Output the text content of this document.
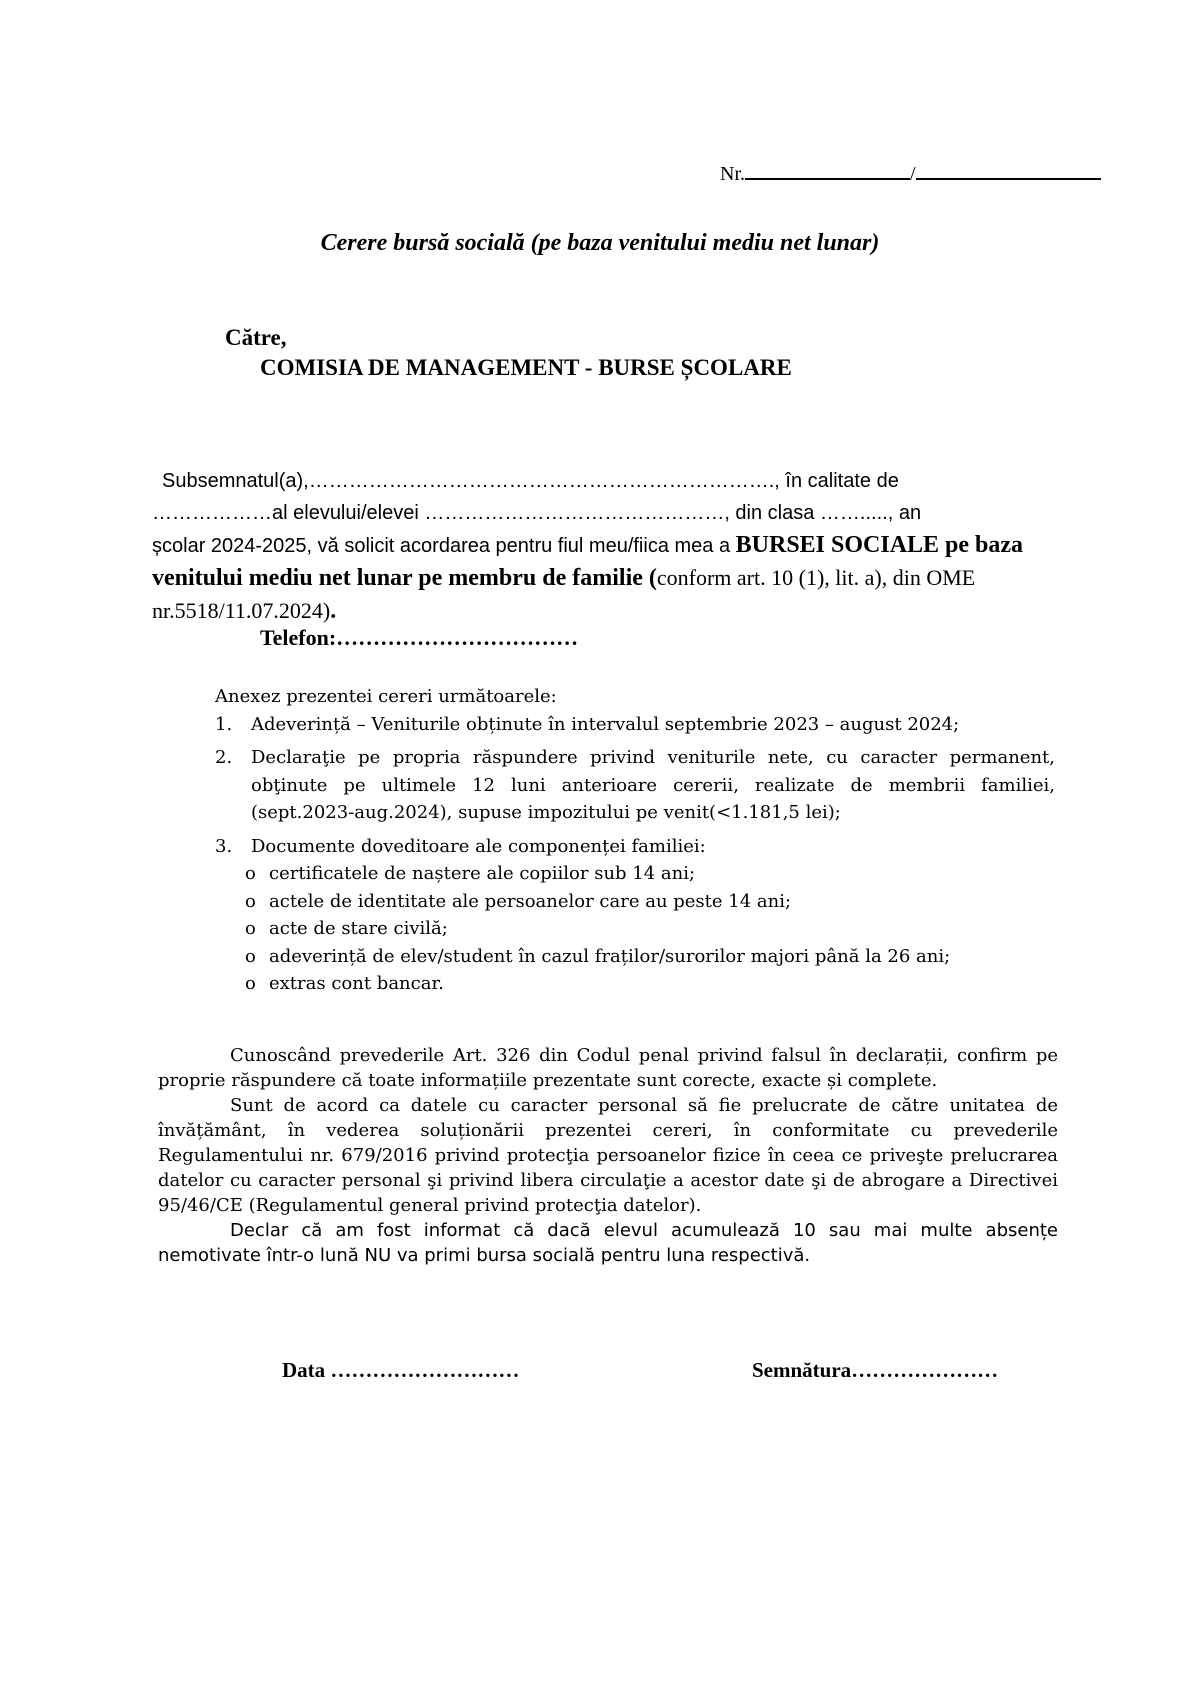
Nr.	/
Cerere bursă socială (pe baza venitului mediu net lunar)
Către,
COMISIA DE MANAGEMENT - BURSE ȘCOLARE
Subsemnatul(a),……………………………………………………………., în calitate de
………………al elevului/elevei ………………………………………, din clasa ……....., an
școlar 2024-2025, vă solicit acordarea pentru fiul meu/fiica mea a BURSEI SOCIALE pe baza venitului mediu net lunar pe membru de familie (conform art. 10 (1), lit. a), din OME nr.5518/11.07.2024).
Telefon:……………………………
Anexez prezentei cereri următoarele:
1. Adeverință – Veniturile obținute în intervalul septembrie 2023 – august 2024;
2. Declaraţie pe propria răspundere privind veniturile nete, cu caracter permanent, obţinute pe ultimele 12 luni anterioare cererii, realizate de membrii familiei, (sept.2023-aug.2024), supuse impozitului pe venit(<1.181,5 lei);
3. Documente doveditoare ale componenței familiei:
o certificatele de naștere ale copiilor sub 14 ani;
o actele de identitate ale persoanelor care au peste 14 ani;
o acte de stare civilă;
o adeverință de elev/student în cazul fraților/surorilor majori până la 26 ani;
o extras cont bancar.

Cunoscând prevederile Art. 326 din Codul penal privind falsul în declarații, confirm pe proprie răspundere că toate informațiile prezentate sunt corecte, exacte și complete.

Sunt de acord ca datele cu caracter personal să fie prelucrate de către unitatea de învățământ, în vederea soluționării prezentei cereri, în conformitate cu prevederile Regulamentului nr. 679/2016 privind protecţia persoanelor fizice în ceea ce priveşte prelucrarea datelor cu caracter personal şi privind libera circulaţie a acestor date şi de abrogare a Directivei 95/46/CE (Regulamentul general privind protecţia datelor).

Declar că am fost informat că dacă elevul acumulează 10 sau mai multe absențe nemotivate într-o lună NU va primi bursa socială pentru luna respectivă.

Data ………………………	Semnătura…………………
